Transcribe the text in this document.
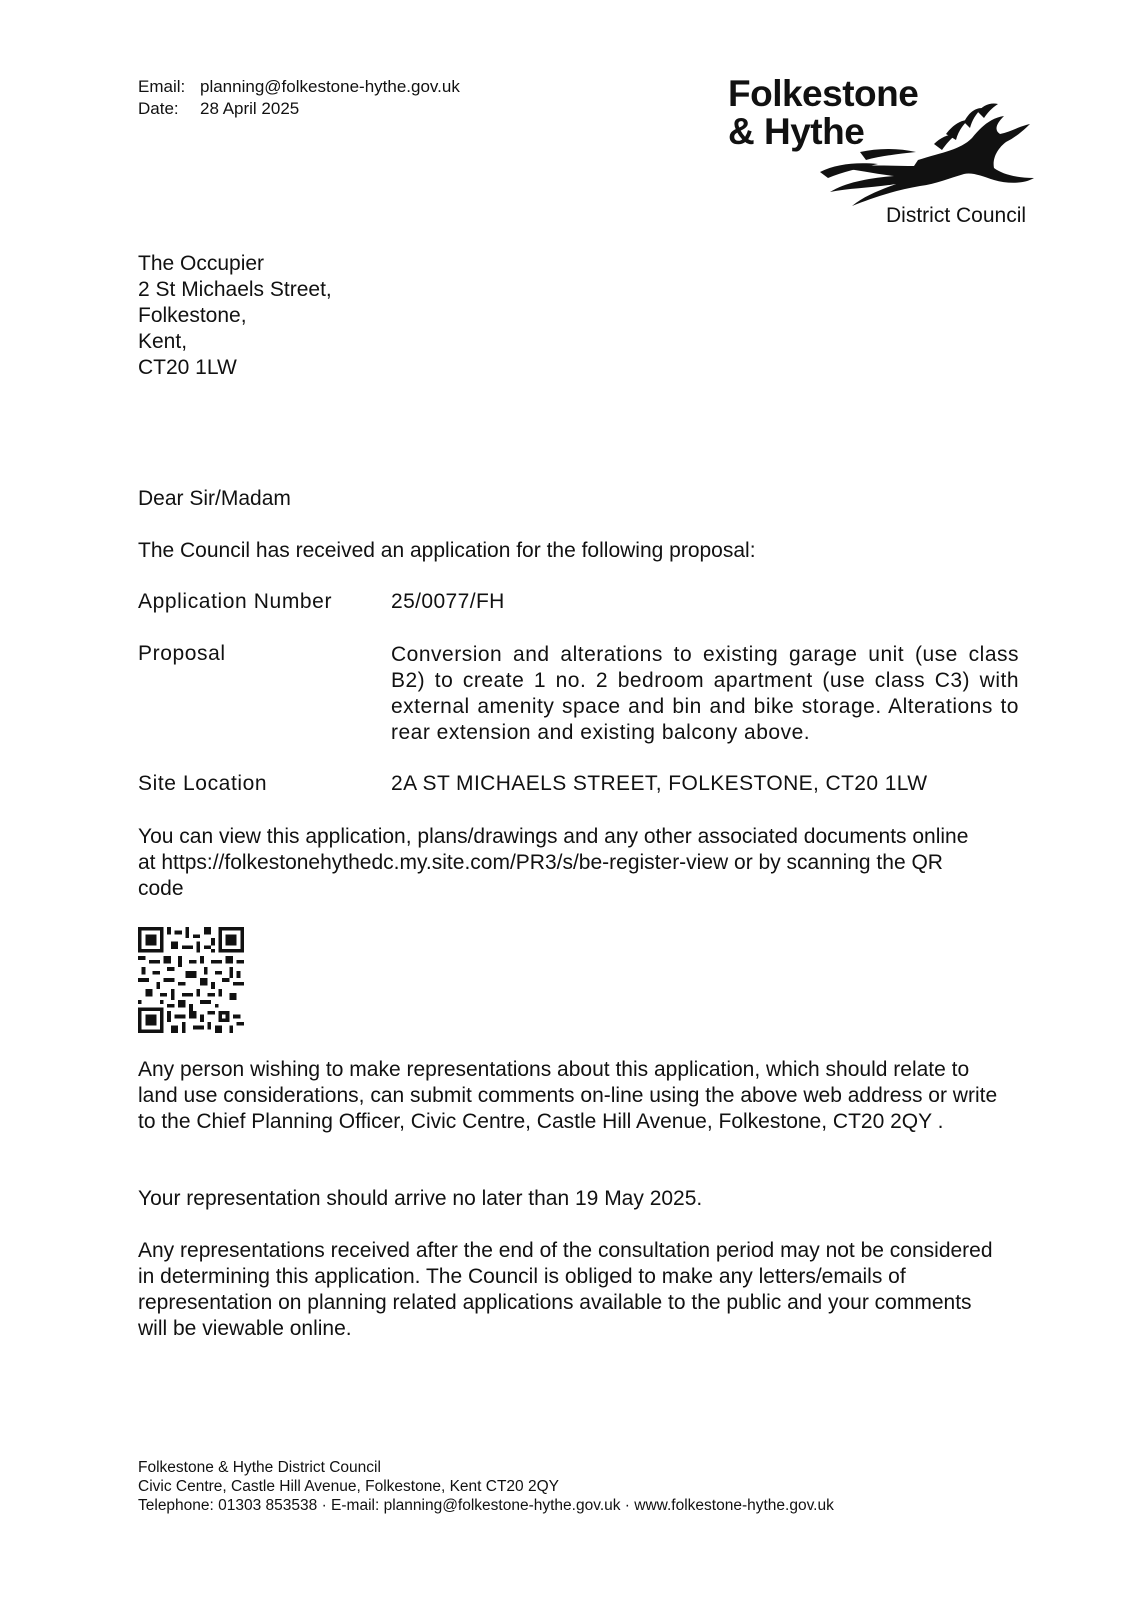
Email: planning@folkestone-hythe.gov.uk
Date:	28 April 2025	Folkestone
& Hythe
District Council
The Occupier
2 St Michaels Street,
Folkestone,
Kent,
CT20 1LW
Dear Sir/Madam
The Council has received an application for the following proposal:
Application Number	25/0077/FH
Proposal	Conversion and alterations to existing garage unit (use class B2) to create 1 no. 2 bedroom apartment (use class C3) with external amenity space and bin and bike storage. Alterations to rear extension and existing balcony above.
Site Location	2A ST MICHAELS STREET, FOLKESTONE, CT20 1LW
You can view this application, plans/drawings and any other associated documents online at https://folkestonehythedc.my.site.com/PR3/s/be-register-view or by scanning the QR code
Any person wishing to make representations about this application, which should relate to land use considerations, can submit comments on-line using the above web address or write to the Chief Planning Officer, Civic Centre, Castle Hill Avenue, Folkestone, CT20 2QY .
Your representation should arrive no later than 19 May 2025.
Any representations received after the end of the consultation period may not be considered in determining this application. The Council is obliged to make any letters/emails of representation on planning related applications available to the public and your comments will be viewable online.
Folkestone & Hythe District Council
Civic Centre, Castle Hill Avenue, Folkestone, Kent CT20 2QY
Telephone: 01303 853538 · E-mail: planning@folkestone-hythe.gov.uk · www.folkestone-hythe.gov.uk
